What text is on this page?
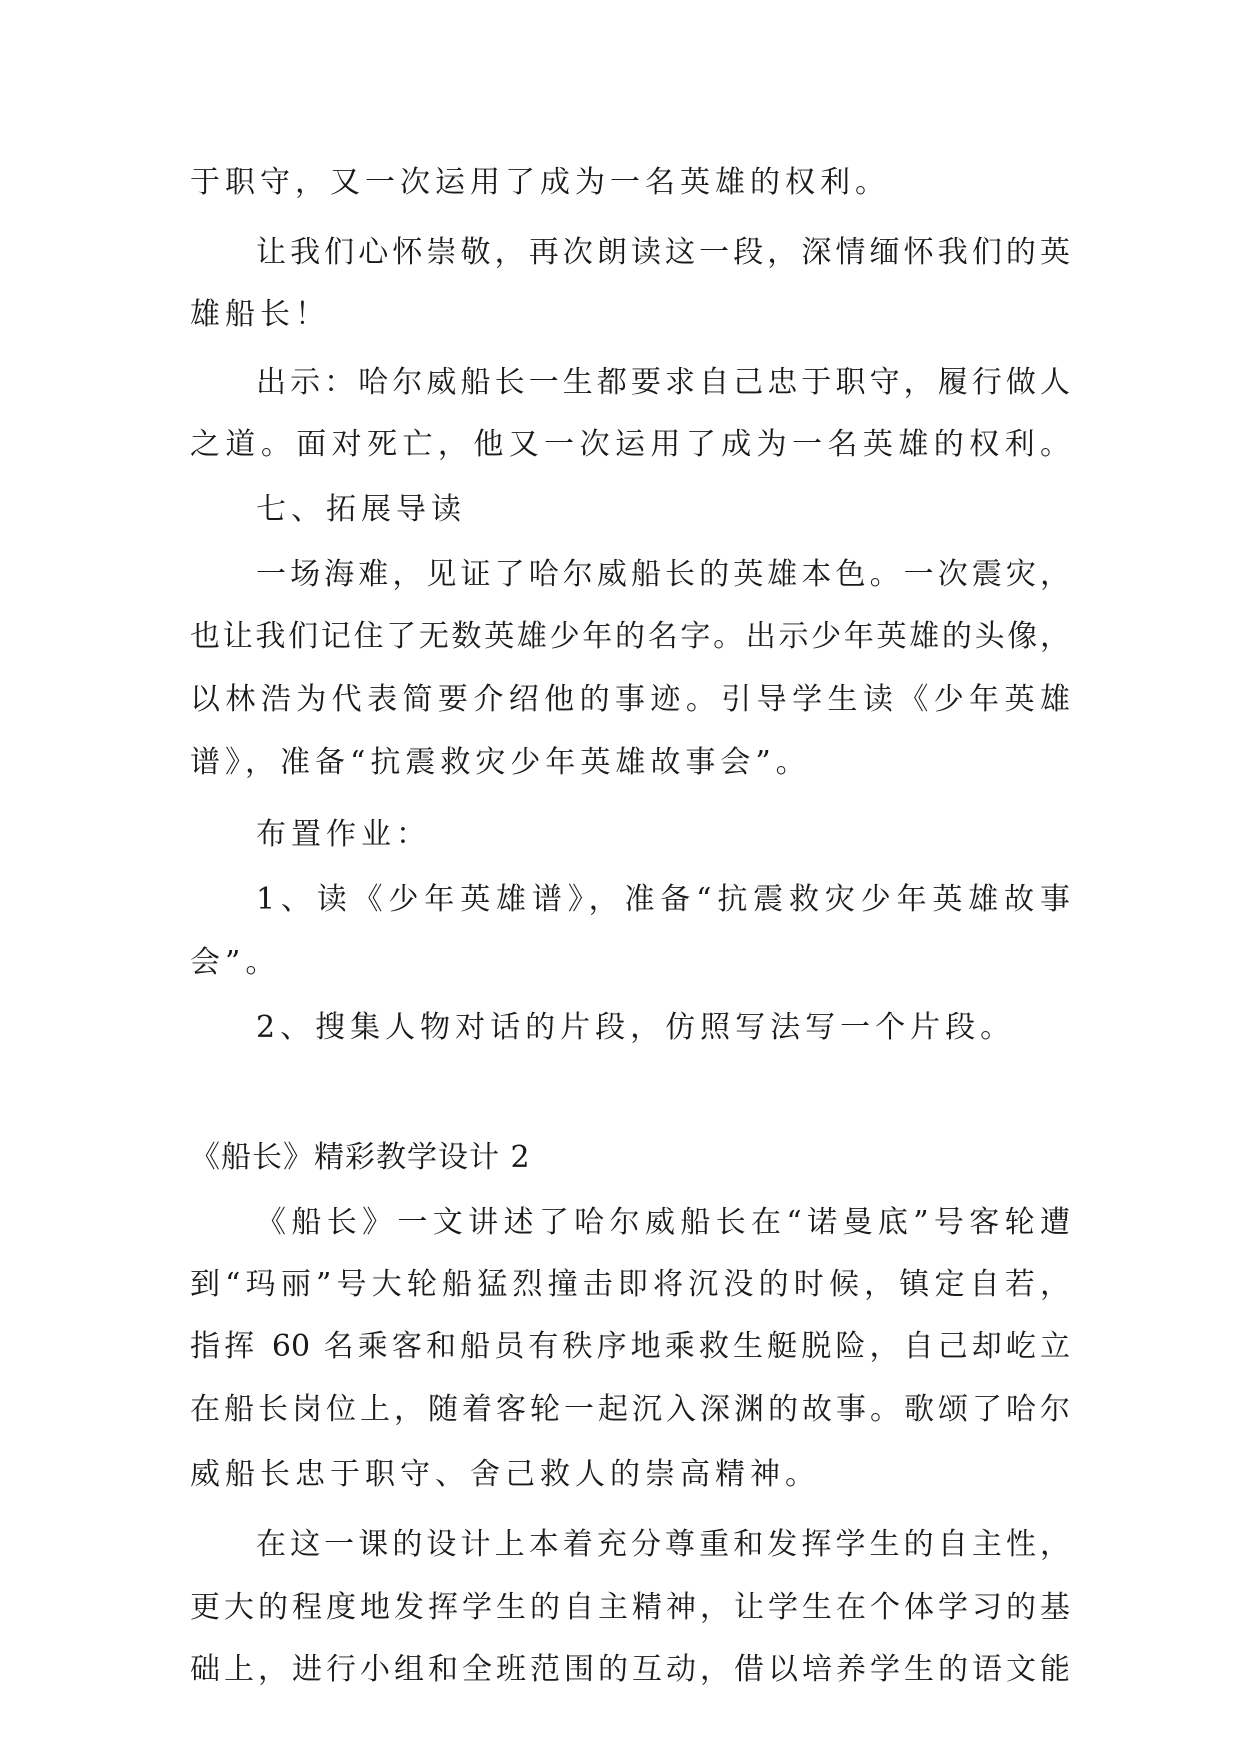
于职守，又一次运用了成为一名英雄的权利。
让我们心怀崇敬，再次朗读这一段，深情缅怀我们的英
雄船长！
出示：哈尔威船长一生都要求自己忠于职守，履行做人
之道。面对死亡，他又一次运用了成为一名英雄的权利。
七、拓展导读
一场海难，见证了哈尔威船长的英雄本色。一次震灾，
也让我们记住了无数英雄少年的名字。出示少年英雄的头像，
以林浩为代表简要介绍他的事迹。引导学生读《少年英雄
谱》，准备“抗震救灾少年英雄故事会”。
布置作业：
1、读《少年英雄谱》，准备“抗震救灾少年英雄故事
会”。
2、搜集人物对话的片段，仿照写法写一个片段。
《船长》精彩教学设计 2
《船长》一文讲述了哈尔威船长在“诺曼底”号客轮遭
到“玛丽”号大轮船猛烈撞击即将沉没的时候，镇定自若，
指挥 60 名乘客和船员有秩序地乘救生艇脱险，自己却屹立
在船长岗位上，随着客轮一起沉入深渊的故事。歌颂了哈尔
威船长忠于职守、舍己救人的崇高精神。
在这一课的设计上本着充分尊重和发挥学生的自主性，
更大的程度地发挥学生的自主精神，让学生在个体学习的基
础上，进行小组和全班范围的互动，借以培养学生的语文能
